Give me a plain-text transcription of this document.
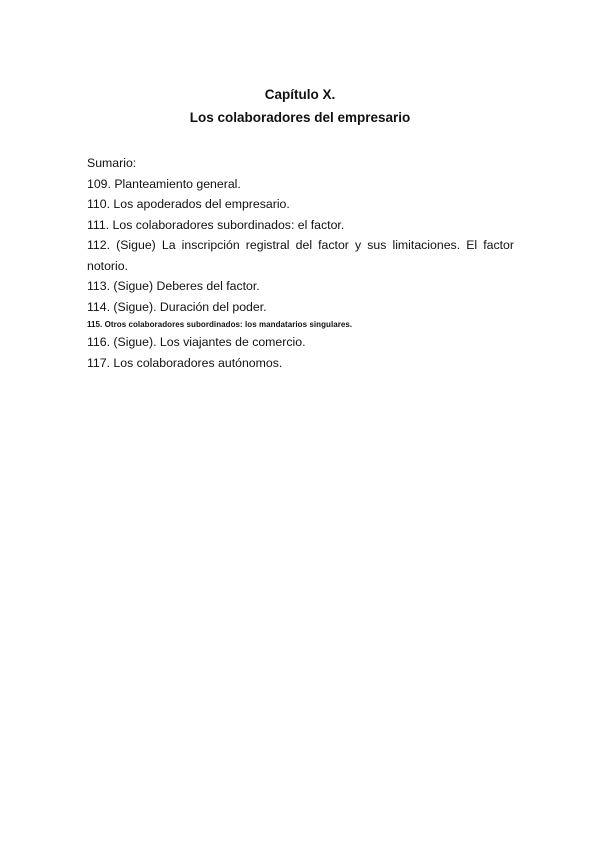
Capítulo X.
Los colaboradores del empresario

Sumario:

109. Planteamiento general.

110. Los apoderados del empresario.

111. Los colaboradores subordinados: el factor.

112. (Sigue) La inscripción registral del factor y sus limitaciones. El factor notorio.

113. (Sigue) Deberes del factor.

114. (Sigue). Duración del poder.

115. Otros colaboradores subordinados: los mandatarios singulares.

116. (Sigue). Los viajantes de comercio.

117. Los colaboradores autónomos.
